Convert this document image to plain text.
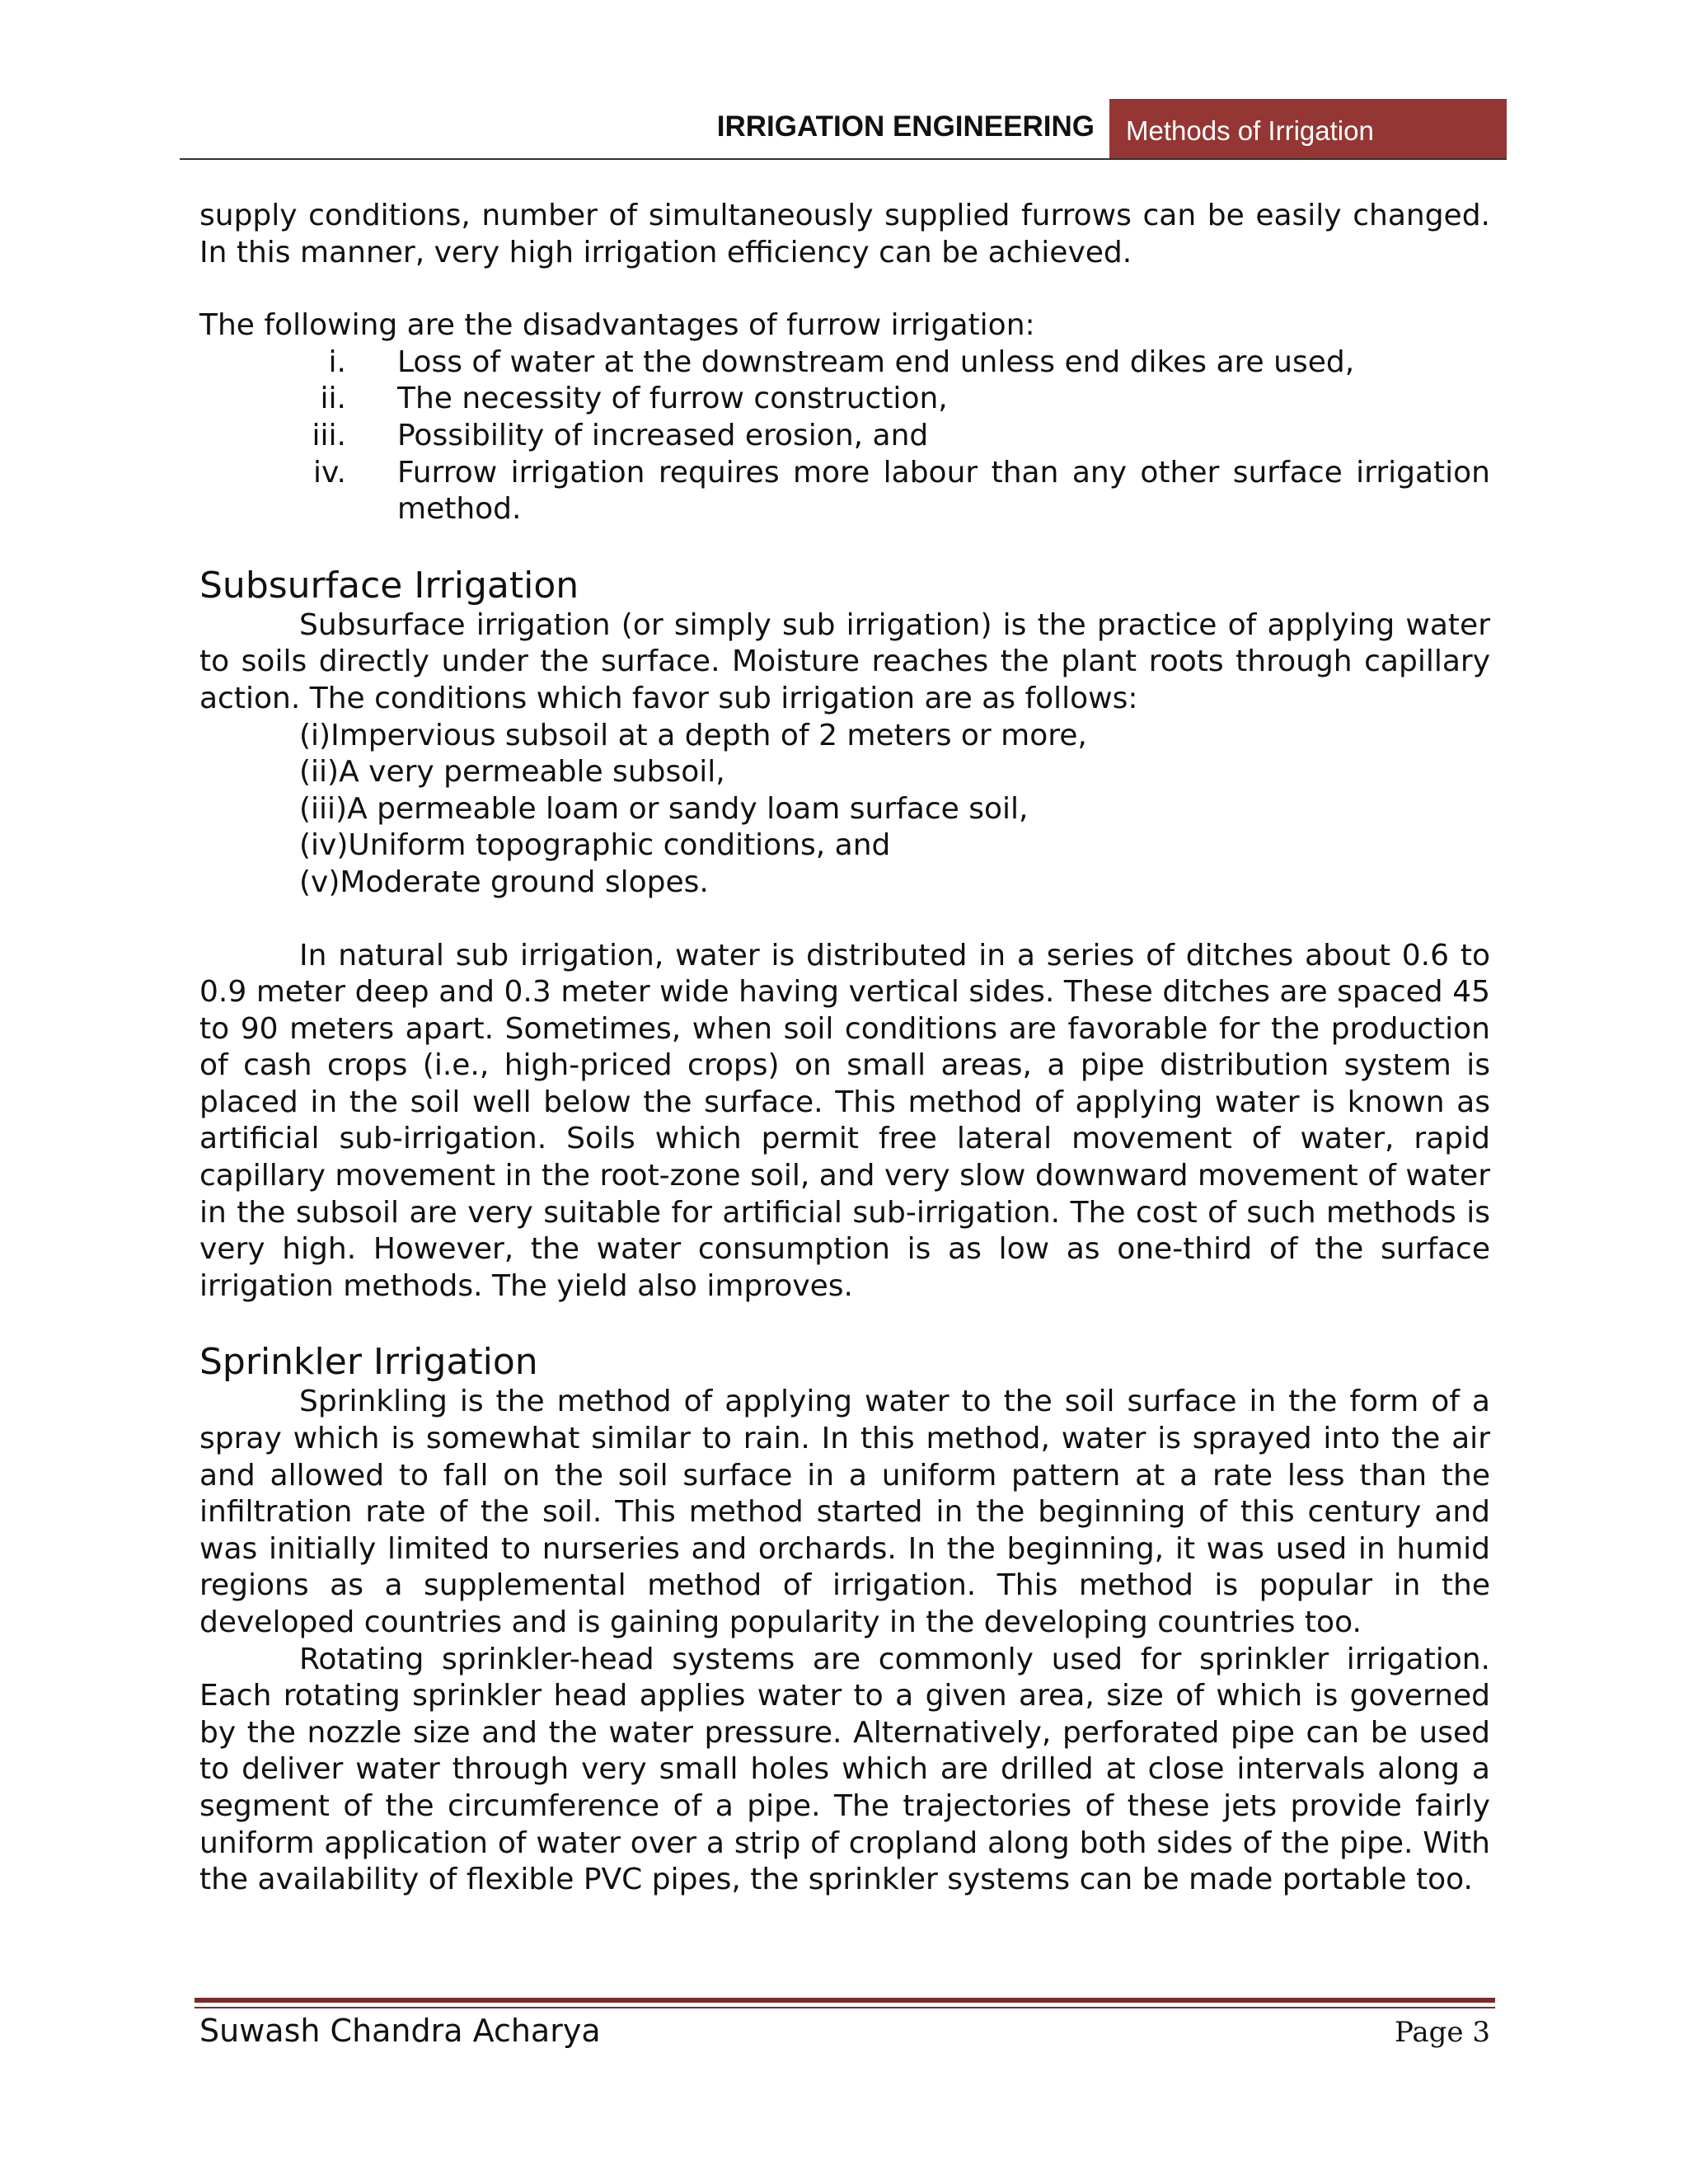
IRRIGATION ENGINEERING	Methods of Irrigation

supply conditions, number of simultaneously supplied furrows can be easily changed. In this manner, very high irrigation efficiency can be achieved.

The following are the disadvantages of furrow irrigation:

i. Loss of water at the downstream end unless end dikes are used,
ii. The necessity of furrow construction,
iii. Possibility of increased erosion, and
iv. Furrow irrigation requires more labour than any other surface irrigation method.
Subsurface Irrigation

Subsurface irrigation (or simply sub irrigation) is the practice of applying water to soils directly under the surface. Moisture reaches the plant roots through capillary action. The conditions which favor sub irrigation are as follows:

(i)Impervious subsoil at a depth of 2 meters or more,
(ii)A very permeable subsoil,
(iii)A permeable loam or sandy loam surface soil,
(iv)Uniform topographic conditions, and
(v)Moderate ground slopes.

In natural sub irrigation, water is distributed in a series of ditches about 0.6 to 0.9 meter deep and 0.3 meter wide having vertical sides. These ditches are spaced 45 to 90 meters apart. Sometimes, when soil conditions are favorable for the production of cash crops (i.e., high-priced crops) on small areas, a pipe distribution system is placed in the soil well below the surface. This method of applying water is known as artificial sub-irrigation. Soils which permit free lateral movement of water, rapid capillary movement in the root-zone soil, and very slow downward movement of water in the subsoil are very suitable for artificial sub-irrigation. The cost of such methods is very high. However, the water consumption is as low as one-third of the surface irrigation methods. The yield also improves.

Sprinkler Irrigation

Sprinkling is the method of applying water to the soil surface in the form of a spray which is somewhat similar to rain. In this method, water is sprayed into the air and allowed to fall on the soil surface in a uniform pattern at a rate less than the infiltration rate of the soil. This method started in the beginning of this century and was initially limited to nurseries and orchards. In the beginning, it was used in humid regions as a supplemental method of irrigation. This method is popular in the developed countries and is gaining popularity in the developing countries too.

Rotating sprinkler-head systems are commonly used for sprinkler irrigation. Each rotating sprinkler head applies water to a given area, size of which is governed by the nozzle size and the water pressure. Alternatively, perforated pipe can be used to deliver water through very small holes which are drilled at close intervals along a segment of the circumference of a pipe. The trajectories of these jets provide fairly uniform application of water over a strip of cropland along both sides of the pipe. With the availability of flexible PVC pipes, the sprinkler systems can be made portable too.

Suwash Chandra Acharya	Page 3
